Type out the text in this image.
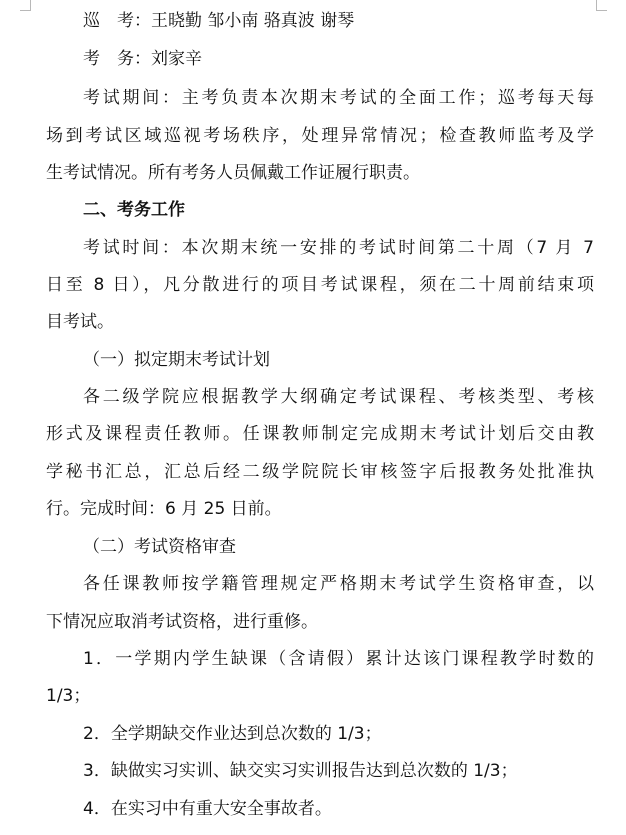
巡　考：王晓勤 邹小南 骆真波 谢琴
考　务：刘家辛
考试期间：主考负责本次期末考试的全面工作；巡考每天每
场到考试区域巡视考场秩序，处理异常情况；检查教师监考及学
生考试情况。所有考务人员佩戴工作证履行职责。
二、考务工作
考试时间：本次期末统一安排的考试时间第二十周（7 月 7
日至 8 日），凡分散进行的项目考试课程，须在二十周前结束项
目考试。
（一）拟定期末考试计划
各二级学院应根据教学大纲确定考试课程、考核类型、考核
形式及课程责任教师。任课教师制定完成期末考试计划后交由教
学秘书汇总，汇总后经二级学院院长审核签字后报教务处批准执
行。完成时间：6 月 25 日前。
（二）考试资格审查
各任课教师按学籍管理规定严格期末考试学生资格审查，以
下情况应取消考试资格，进行重修。
1．一学期内学生缺课（含请假）累计达该门课程教学时数的
1/3；
2．全学期缺交作业达到总次数的 1/3；
3．缺做实习实训、缺交实习实训报告达到总次数的 1/3；
4．在实习中有重大安全事故者。
